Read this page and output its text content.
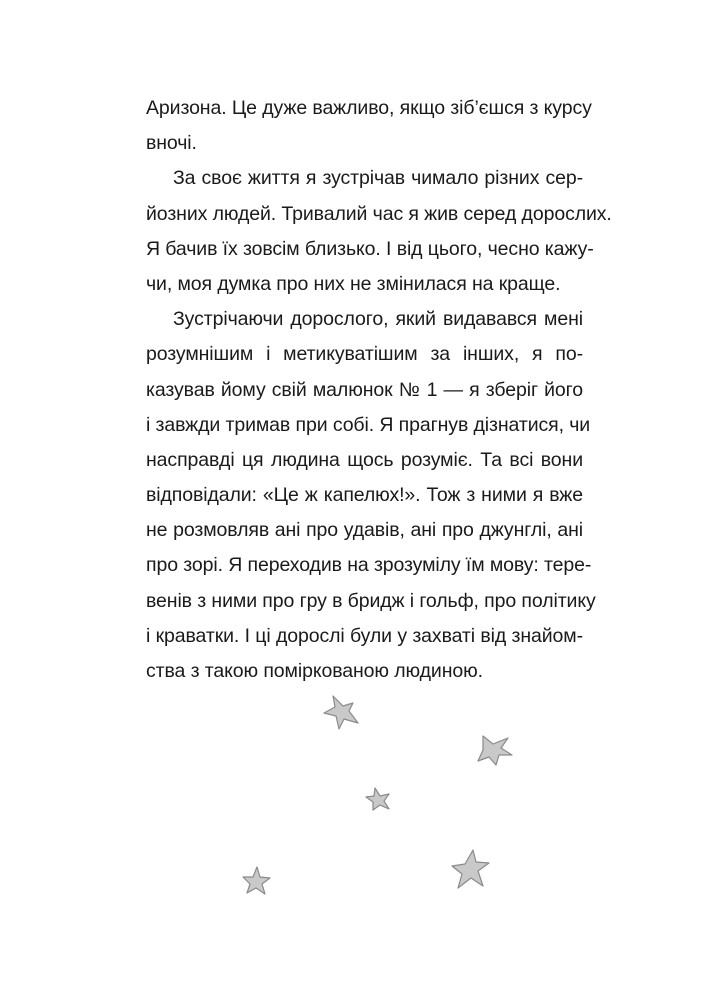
Аризона. Це дуже важливо, якщо зіб’єшся з курсу
вночі.
За своє життя я зустрічав чимало різних сер-
йозних людей. Тривалий час я жив серед дорослих.
Я бачив їх зовсім близько. І від цього, чесно кажу-
чи, моя думка про них не змінилася на краще.
Зустрічаючи дорослого, який видавався мені
розумнішим і метикуватішим за інших, я по-
казував йому свій малюнок № 1 — я зберіг його
і завжди тримав при собі. Я прагнув дізнатися, чи
насправді ця людина щось розуміє. Та всі вони
відповідали: «Це ж капелюх!». Тож з ними я вже
не розмовляв ані про удавів, ані про джунглі, ані
про зорі. Я переходив на зрозумілу їм мову: тере-
венів з ними про гру в бридж і гольф, про політику
і краватки. І ці дорослі були у захваті від знайом-
ства з такою поміркованою людиною.
